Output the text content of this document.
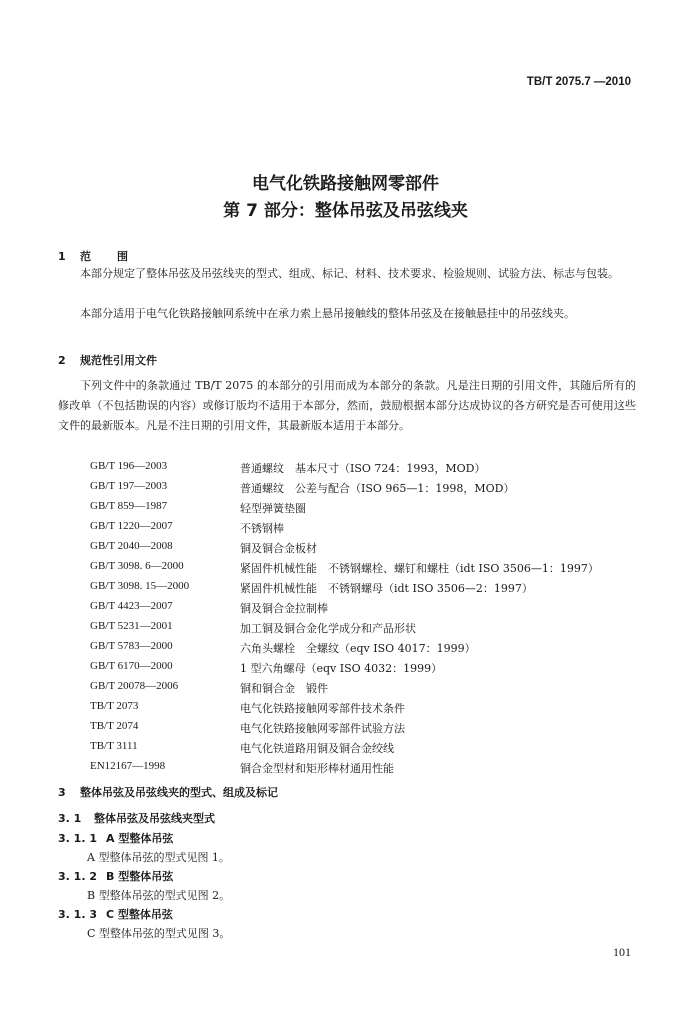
TB/T 2075.7 —2010
电气化铁路接触网零部件
第 7 部分：整体吊弦及吊弦线夹
1 范 围
本部分规定了整体吊弦及吊弦线夹的型式、组成、标记、材料、技术要求、检验规则、试验方法、标志与包装。
本部分适用于电气化铁路接触网系统中在承力索上悬吊接触线的整体吊弦及在接触悬挂中的吊弦线夹。
2 规范性引用文件
下列文件中的条款通过 TB/T 2075 的本部分的引用而成为本部分的条款。凡是注日期的引用文件，其随后所有的修改单（不包括勘误的内容）或修订版均不适用于本部分，然而，鼓励根据本部分达成协议的各方研究是否可使用这些文件的最新版本。凡是不注日期的引用文件，其最新版本适用于本部分。
GB/T 196—2003	普通螺纹　基本尺寸（ISO 724：1993，MOD）
GB/T 197—2003	普通螺纹　公差与配合（ISO 965—1：1998，MOD）
GB/T 859—1987	轻型弹簧垫圈
GB/T 1220—2007	不锈钢棒
GB/T 2040—2008	铜及铜合金板材
GB/T 3098. 6—2000	紧固件机械性能　不锈钢螺栓、螺钉和螺柱（idt ISO 3506—1：1997）
GB/T 3098. 15—2000	紧固件机械性能　不锈钢螺母（idt ISO 3506—2：1997）
GB/T 4423—2007	铜及铜合金拉制棒
GB/T 5231—2001	加工铜及铜合金化学成分和产品形状
GB/T 5783—2000	六角头螺栓　全螺纹（eqv ISO 4017：1999）
GB/T 6170—2000	1 型六角螺母（eqv ISO 4032：1999）
GB/T 20078—2006	铜和铜合金　锻件
TB/T 2073	电气化铁路接触网零部件技术条件
TB/T 2074	电气化铁路接触网零部件试验方法
TB/T 3111	电气化铁道路用铜及铜合金绞线
EN12167—1998	铜合金型材和矩形棒材通用性能
3 整体吊弦及吊弦线夹的型式、组成及标记
3. 1 整体吊弦及吊弦线夹型式
3. 1. 1 A 型整体吊弦
A 型整体吊弦的型式见图 1。
3. 1. 2 B 型整体吊弦
B 型整体吊弦的型式见图 2。
3. 1. 3 C 型整体吊弦
C 型整体吊弦的型式见图 3。
101
